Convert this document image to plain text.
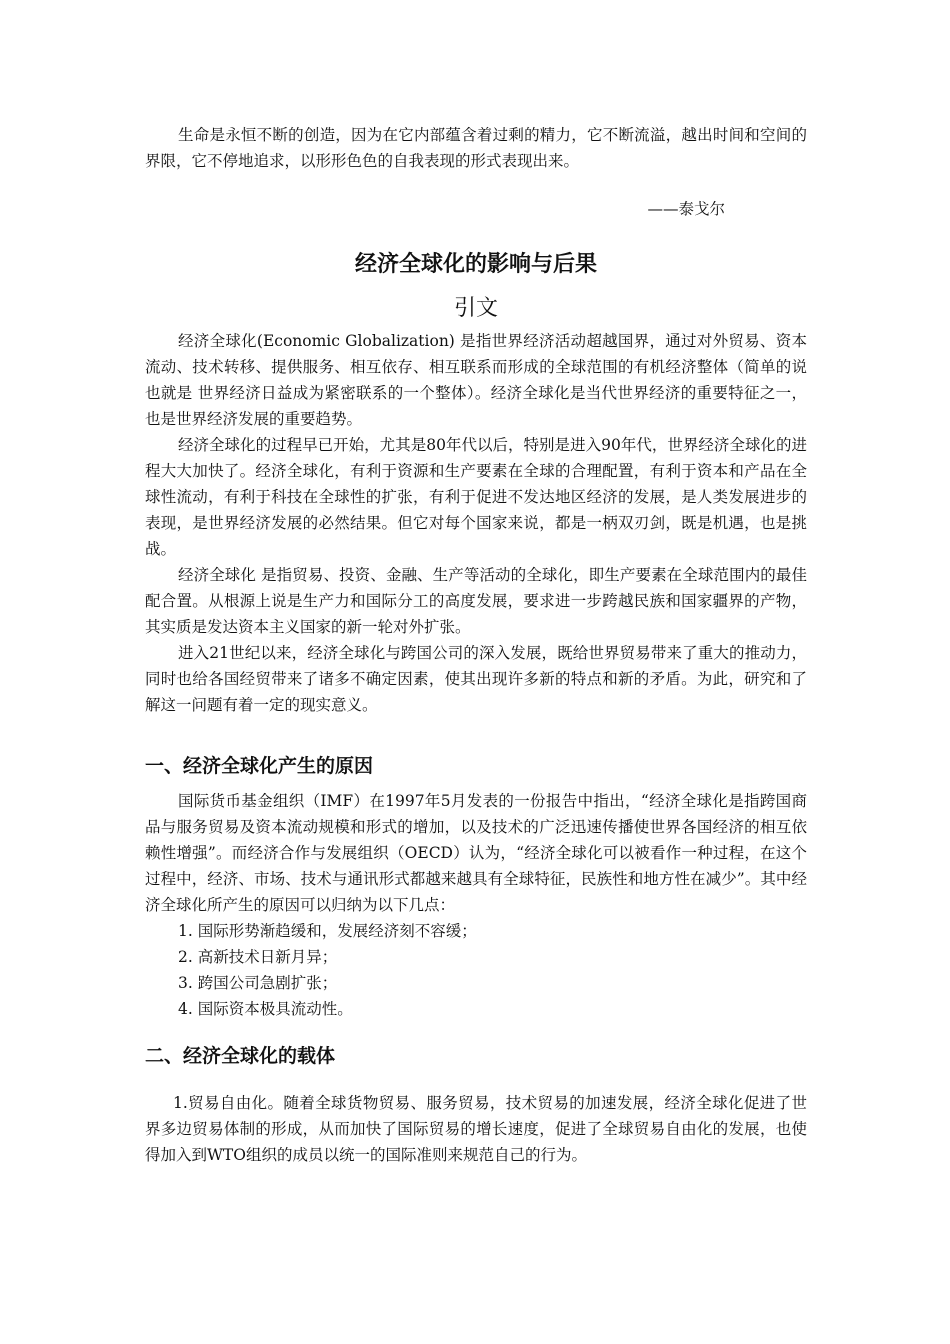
生命是永恒不断的创造，因为在它内部蕴含着过剩的精力，它不断流溢，越出时间和空间的界限，它不停地追求，以形形色色的自我表现的形式表现出来。

——泰戈尔
经济全球化的影响与后果
引文

经济全球化(Economic Globalization) 是指世界经济活动超越国界，通过对外贸易、资本流动、技术转移、提供服务、相互依存、相互联系而形成的全球范围的有机经济整体（简单的说也就是 世界经济日益成为紧密联系的一个整体）。经济全球化是当代世界经济的重要特征之一，也是世界经济发展的重要趋势。

经济全球化的过程早已开始，尤其是80年代以后，特别是进入90年代，世界经济全球化的进程大大加快了。经济全球化，有利于资源和生产要素在全球的合理配置，有利于资本和产品在全球性流动，有利于科技在全球性的扩张，有利于促进不发达地区经济的发展，是人类发展进步的表现，是世界经济发展的必然结果。但它对每个国家来说，都是一柄双刃剑，既是机遇，也是挑战。

经济全球化 是指贸易、投资、金融、生产等活动的全球化，即生产要素在全球范围内的最佳配合置。从根源上说是生产力和国际分工的高度发展，要求进一步跨越民族和国家疆界的产物，其实质是发达资本主义国家的新一轮对外扩张。

进入21世纪以来，经济全球化与跨国公司的深入发展，既给世界贸易带来了重大的推动力，同时也给各国经贸带来了诸多不确定因素，使其出现许多新的特点和新的矛盾。为此，研究和了解这一问题有着一定的现实意义。

一、经济全球化产生的原因

国际货币基金组织（IMF）在1997年5月发表的一份报告中指出，“经济全球化是指跨国商品与服务贸易及资本流动规模和形式的增加，以及技术的广泛迅速传播使世界各国经济的相互依赖性增强”。而经济合作与发展组织（OECD）认为，“经济全球化可以被看作一种过程，在这个过程中，经济、市场、技术与通讯形式都越来越具有全球特征，民族性和地方性在减少”。其中经济全球化所产生的原因可以归纳为以下几点：

1. 国际形势渐趋缓和，发展经济刻不容缓；
2. 高新技术日新月异；
3. 跨国公司急剧扩张；
4. 国际资本极具流动性。
二、经济全球化的载体

1.贸易自由化。随着全球货物贸易、服务贸易，技术贸易的加速发展，经济全球化促进了世界多边贸易体制的形成，从而加快了国际贸易的增长速度，促进了全球贸易自由化的发展，也使得加入到WTO组织的成员以统一的国际准则来规范自己的行为。
